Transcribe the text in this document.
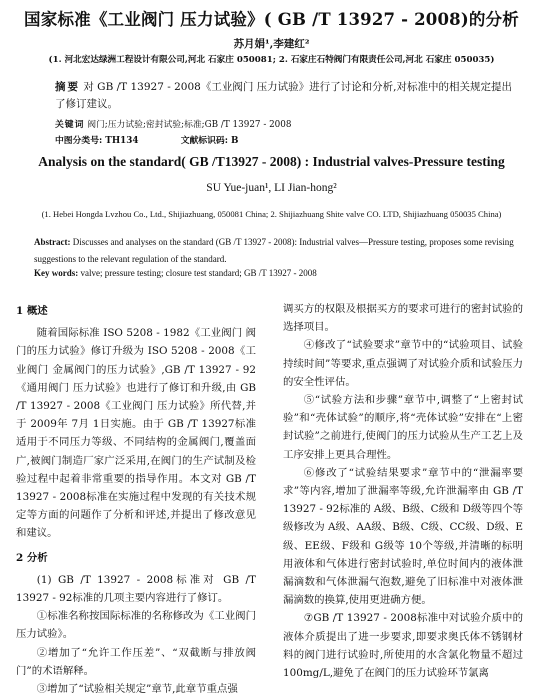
国家标准《工业阀门 压力试验》( GB /T 13927 - 2008)的分析
苏月娟¹,李建红²
(1. 河北宏达绿洲工程设计有限公司,河北 石家庄 050081; 2. 石家庄石特阀门有限责任公司,河北 石家庄 050035)
摘要 对 GB /T 13927 - 2008《工业阀门 压力试验》进行了讨论和分析,对标准中的相关规定提出了修订建议。
关键词 阀门;压力试验;密封试验;标准;GB /T 13927 - 2008
中图分类号: TH134	文献标识码: B
Analysis on the standard( GB /T13927 - 2008) : Industrial valves-Pressure testing
SU Yue-juan¹, LI Jian-hong²
(1. Hebei Hongda Lvzhou Co., Ltd., Shijiazhuang, 050081 China; 2. Shijiazhuang Shite valve CO. LTD, Shijiazhuang 050035 China)
Abstract: Discusses and analyses on the standard (GB /T 13927 - 2008): Industrial valves—Pressure testing, proposes some revising suggestions to the relevant regulation of the standard.
Key words: valve; pressure testing; closure test standard; GB /T 13927 - 2008

1 概述

随着国际标准 ISO 5208 - 1982《工业阀门 阀门的压力试验》修订升级为 ISO 5208 - 2008《工业阀门 金属阀门的压力试验》,GB /T 13927 - 92《通用阀门 压力试验》也进行了修订和升级,由 GB /T 13927 - 2008《工业阀门 压力试验》所代替,并于 2009年 7月 1日实施。由于 GB /T 13927标准适用于不同压力等级、不同结构的金属阀门,覆盖面广,被阀门制造厂家广泛采用,在阀门的生产试制及检验过程中起着非常重要的指导作用。本文对 GB /T 13927 - 2008标准在实施过程中发现的有关技术规定等方面的问题作了分析和评述,并提出了修改意见和建议。

2 分析

(1) GB /T 13927 - 2008标准对 GB /T 13927 - 92标准的几项主要内容进行了修订。

①标准名称按国际标准的名称修改为《工业阀门 压力试验》。

②增加了“允许工作压差”、“双截断与排放阀门”的术语解释。

③增加了“试验相关规定”章节,此章节重点强

调买方的权限及根据买方的要求可进行的密封试验的选择项目。

④修改了“试验要求”章节中的“试验项目、试验持续时间”等要求,重点强调了对试验介质和试验压力的安全性评估。

⑤“试验方法和步骤”章节中,调整了“上密封试验”和“壳体试验”的顺序,将“壳体试验”安排在“上密封试验”之前进行,使阀门的压力试验从生产工艺上及工序安排上更具合理性。

⑥修改了“试验结果要求”章节中的“泄漏率要求”等内容,增加了泄漏率等级,允许泄漏率由 GB /T 13927 - 92标准的 A级、B级、C级和 D级等四个等级修改为 A级、AA级、B级、C级、CC级、D级、E级、EE级、F级和 G级等 10个等级,并清晰的标明用液体和气体进行密封试验时,单位时间内的液体泄漏滴数和气体泄漏气泡数,避免了旧标准中对液体泄漏滴数的换算,使用更进确方便。

⑦GB /T 13927 - 2008标准中对试验介质中的液体介质提出了进一步要求,即要求奥氏体不锈钢材料的阀门进行试验时,所使用的水含氯化物量不超过 100mg/L,避免了在阀门的压力试验环节氯离
